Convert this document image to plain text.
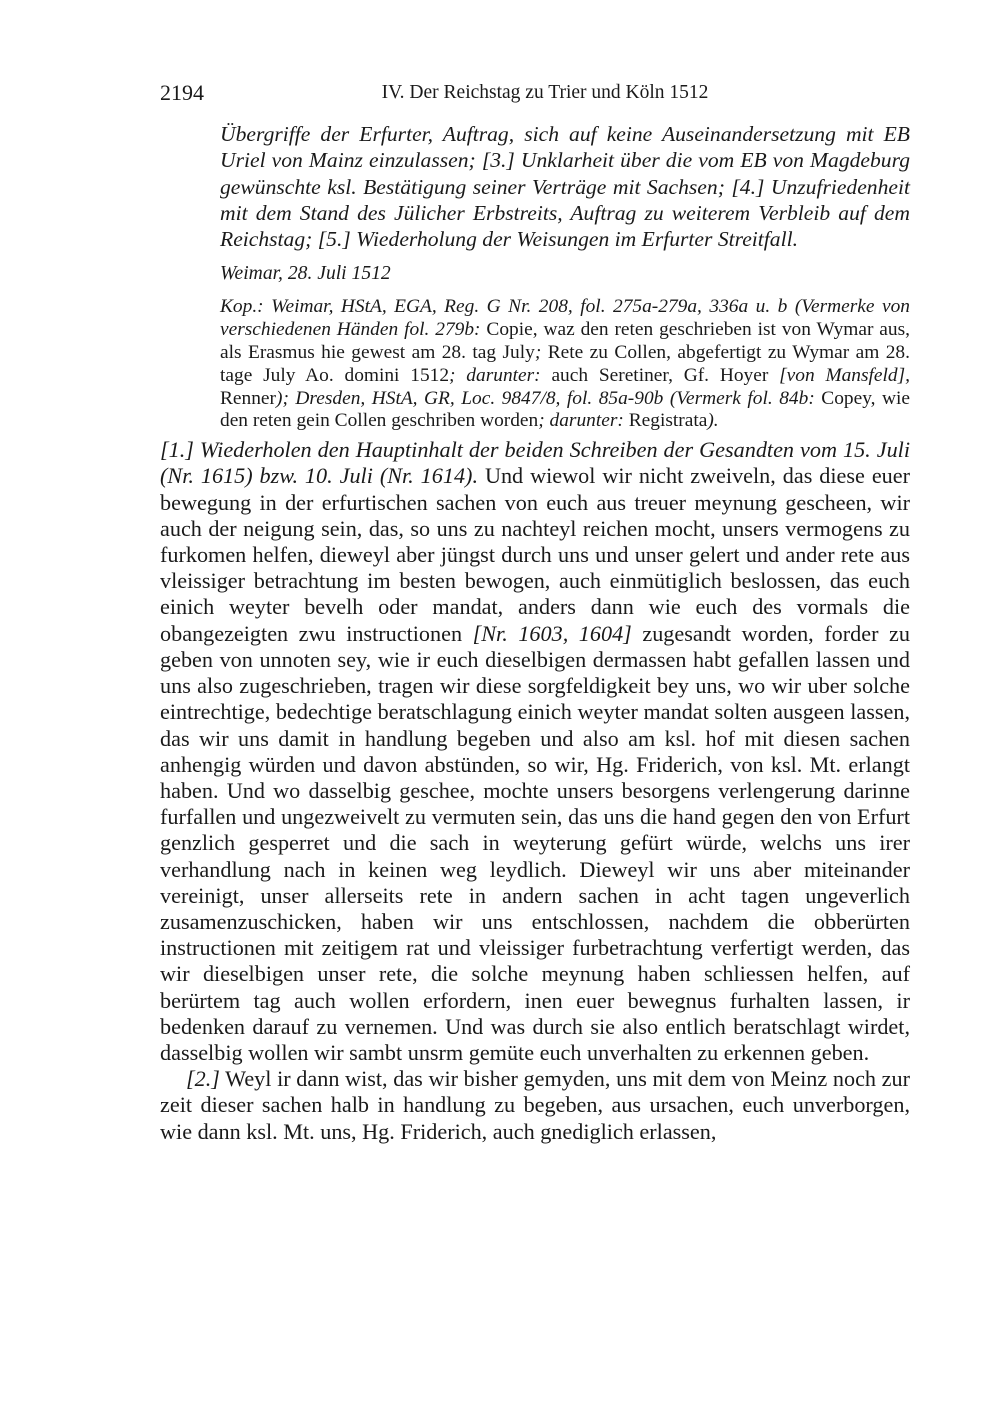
2194	IV. Der Reichstag zu Trier und Köln 1512

Übergriffe der Erfurter, Auftrag, sich auf keine Auseinandersetzung mit EB Uriel von Mainz einzulassen; [3.] Unklarheit über die vom EB von Magdeburg gewünschte ksl. Bestätigung seiner Verträge mit Sachsen; [4.] Unzufriedenheit mit dem Stand des Jülicher Erbstreits, Auftrag zu weiterem Verbleib auf dem Reichstag; [5.] Wiederholung der Weisungen im Erfurter Streitfall.

Weimar, 28. Juli 1512

Kop.: Weimar, HStA, EGA, Reg. G Nr. 208, fol. 275a-279a, 336a u. b (Vermerke von verschiedenen Händen fol. 279b: Copie, waz den reten geschrieben ist von Wymar aus, als Erasmus hie gewest am 28. tag July; Rete zu Collen, abgefertigt zu Wymar am 28. tage July Ao. domini 1512; darunter: auch Seretiner, Gf. Hoyer [von Mansfeld], Renner); Dresden, HStA, GR, Loc. 9847/8, fol. 85a-90b (Vermerk fol. 84b: Copey, wie den reten gein Collen geschriben worden; darunter: Registrata).

[1.] Wiederholen den Hauptinhalt der beiden Schreiben der Gesandten vom 15. Juli (Nr. 1615) bzw. 10. Juli (Nr. 1614). Und wiewol wir nicht zweiveln, das diese euer bewegung in der erfurtischen sachen von euch aus treuer meynung gescheen, wir auch der neigung sein, das, so uns zu nachteyl reichen mocht, unsers vermogens zu furkomen helfen, dieweyl aber jüngst durch uns und unser gelert und ander rete aus vleissiger betrachtung im besten bewogen, auch einmütiglich beslossen, das euch einich weyter bevelh oder mandat, anders dann wie euch des vormals die obangezeigten zwu instructionen [Nr. 1603, 1604] zugesandt worden, forder zu geben von unnoten sey, wie ir euch dieselbigen dermassen habt gefallen lassen und uns also zugeschrieben, tragen wir diese sorgfeldigkeit bey uns, wo wir uber solche eintrechtige, bedechtige beratschlagung einich weyter mandat solten ausgeen lassen, das wir uns damit in handlung begeben und also am ksl. hof mit diesen sachen anhengig würden und davon abstünden, so wir, Hg. Friderich, von ksl. Mt. erlangt haben. Und wo dasselbig geschee, mochte unsers besorgens verlengerung darinne furfallen und ungezweivelt zu vermuten sein, das uns die hand gegen den von Erfurt genzlich gesperret und die sach in weyterung gefürt würde, welchs uns irer verhandlung nach in keinen weg leydlich. Dieweyl wir uns aber miteinander vereinigt, unser allerseits rete in andern sachen in acht tagen ungeverlich zusamenzuschicken, haben wir uns entschlossen, nachdem die obberürten instructionen mit zeitigem rat und vleissiger furbetrachtung verfertigt werden, das wir dieselbigen unser rete, die solche meynung haben schliessen helfen, auf berürtem tag auch wollen erfordern, inen euer bewegnus furhalten lassen, ir bedenken darauf zu vernemen. Und was durch sie also entlich beratschlagt wirdet, dasselbig wollen wir sambt unsrm gemüte euch unverhalten zu erkennen geben.

[2.] Weyl ir dann wist, das wir bisher gemyden, uns mit dem von Meinz noch zur zeit dieser sachen halb in handlung zu begeben, aus ursachen, euch unverborgen, wie dann ksl. Mt. uns, Hg. Friderich, auch gnediglich erlassen,
